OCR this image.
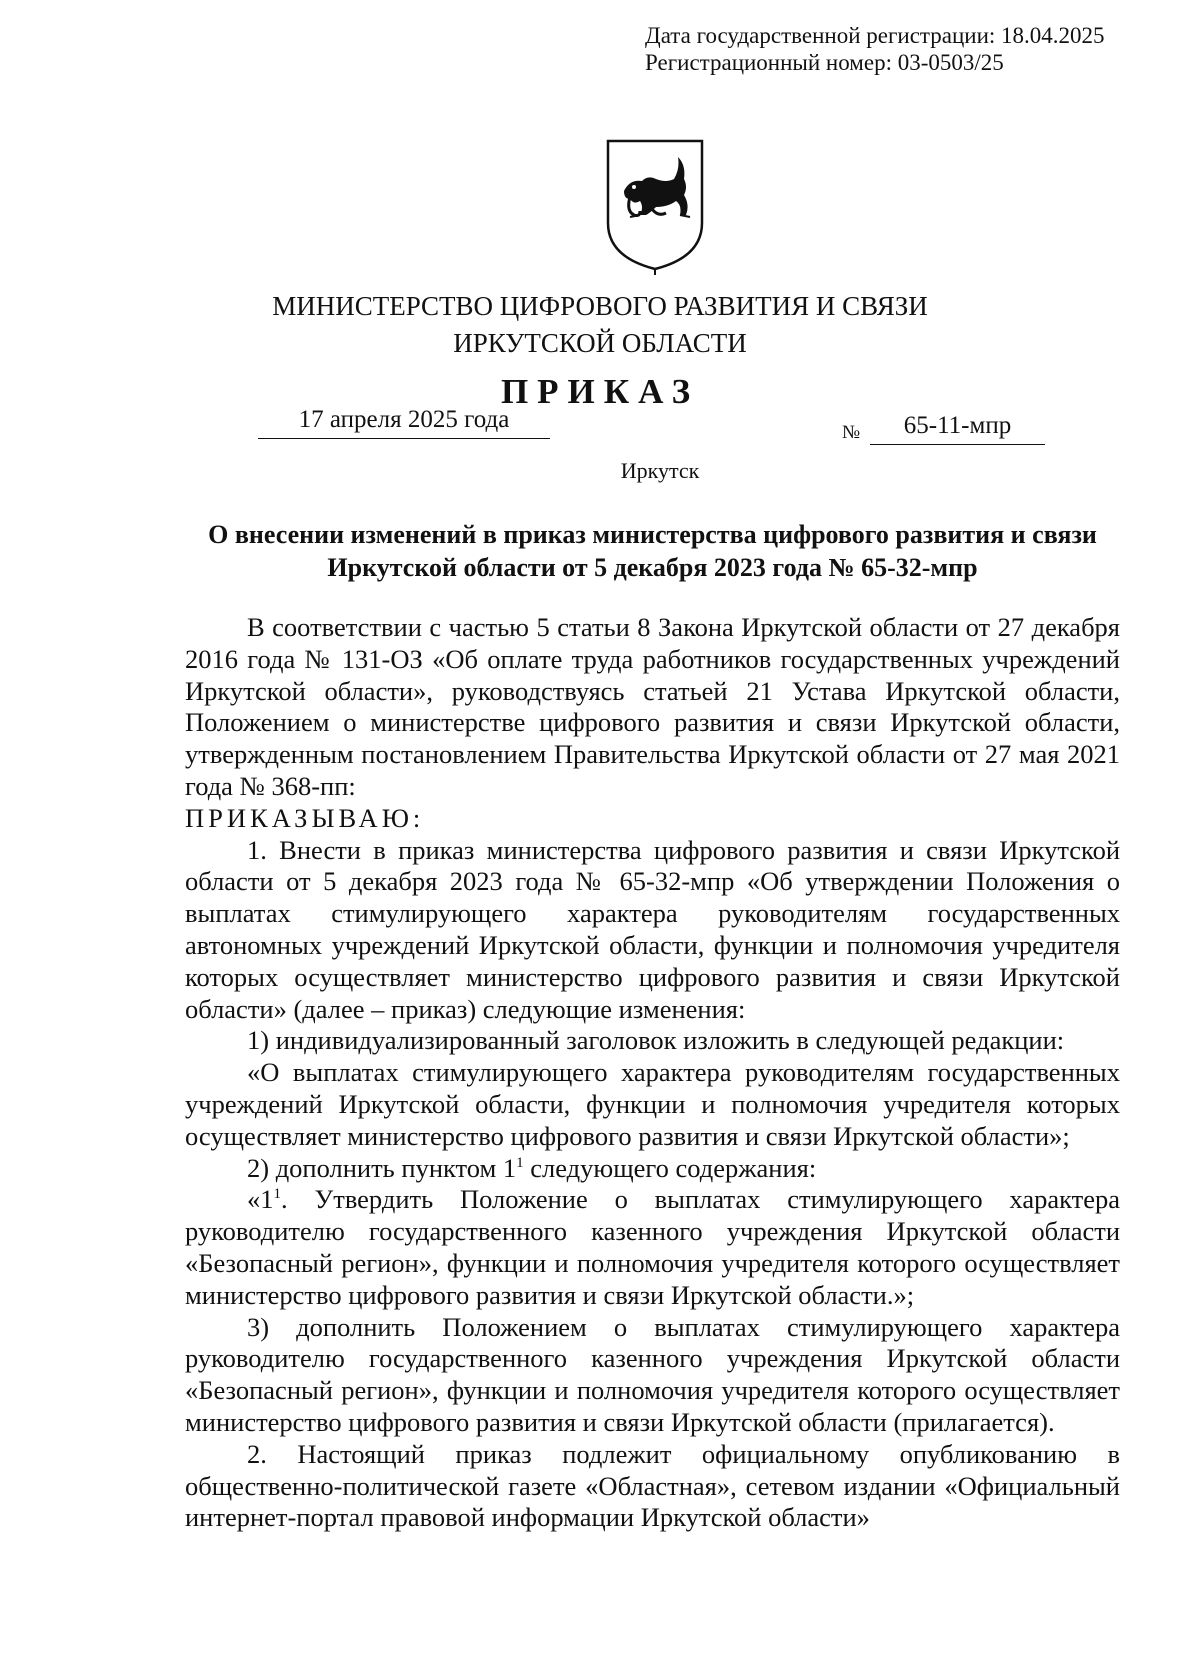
Дата государственной регистрации: 18.04.2025
Регистрационный номер: 03-0503/25
МИНИСТЕРСТВО ЦИФРОВОГО РАЗВИТИЯ И СВЯЗИ
ИРКУТСКОЙ ОБЛАСТИ
ПРИКАЗ
17 апреля 2025 года	№	65-11-мпр
Иркутск
О внесении изменений в приказ министерства цифрового развития и связи
Иркутской области от 5 декабря 2023 года № 65-32-мпр

В соответствии с частью 5 статьи 8 Закона Иркутской области от 27 декабря 2016 года № 131-ОЗ «Об оплате труда работников государственных учреждений Иркутской области», руководствуясь статьей 21 Устава Иркутской области, Положением о министерстве цифрового развития и связи Иркутской области, утвержденным постановлением Правительства Иркутской области от 27 мая 2021 года № 368-пп:

ПРИКАЗЫВАЮ:

1. Внести в приказ министерства цифрового развития и связи Иркутской области от 5 декабря 2023 года № 65-32-мпр «Об утверждении Положения о выплатах стимулирующего характера руководителям государственных автономных учреждений Иркутской области, функции и полномочия учредителя которых осуществляет министерство цифрового развития и связи Иркутской области» (далее – приказ) следующие изменения:

1) индивидуализированный заголовок изложить в следующей редакции:

«О выплатах стимулирующего характера руководителям государственных учреждений Иркутской области, функции и полномочия учредителя которых осуществляет министерство цифрового развития и связи Иркутской области»;

2) дополнить пунктом $1^1$ следующего содержания:

«$1^1$. Утвердить Положение о выплатах стимулирующего характера руководителю государственного казенного учреждения Иркутской области «Безопасный регион», функции и полномочия учредителя которого осуществляет министерство цифрового развития и связи Иркутской области.»;

3) дополнить Положением о выплатах стимулирующего характера руководителю государственного казенного учреждения Иркутской области «Безопасный регион», функции и полномочия учредителя которого осуществляет министерство цифрового развития и связи Иркутской области (прилагается).

2. Настоящий приказ подлежит официальному опубликованию в общественно-политической газете «Областная», сетевом издании «Официальный интернет-портал правовой информации Иркутской области»
